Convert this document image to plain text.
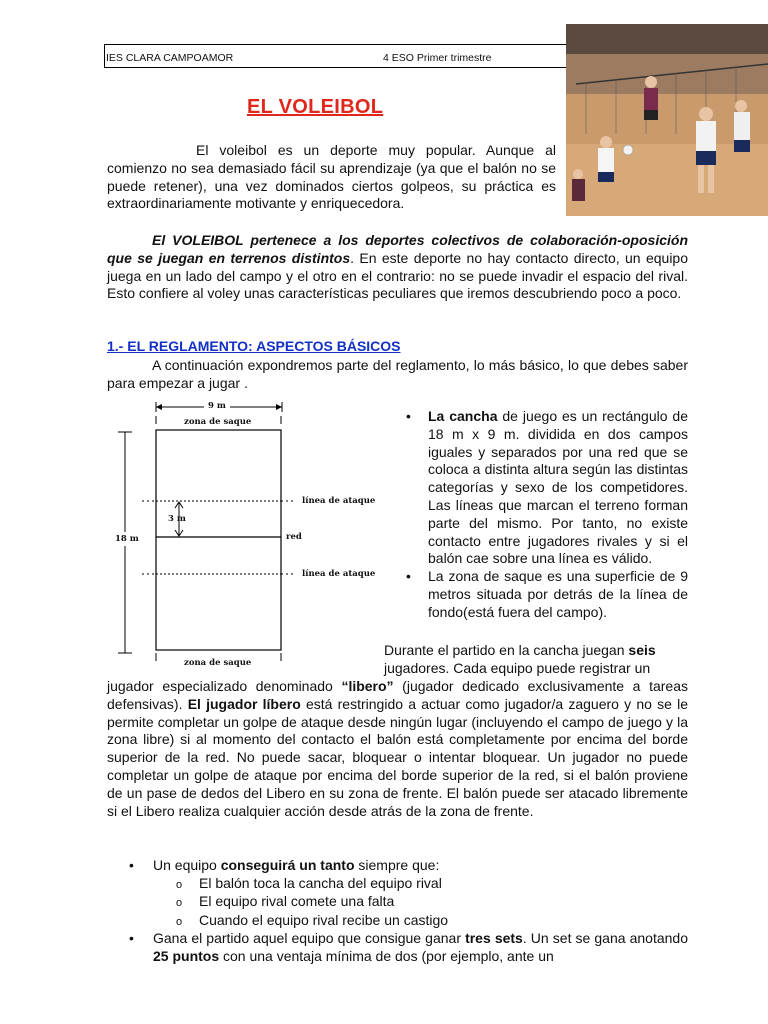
IES CLARA CAMPOAMOR	4 ESO Primer trimestre
EL VOLEIBOL
El voleibol es un deporte muy popular. Aunque al comienzo no sea demasiado fácil su aprendizaje (ya que el balón no se puede retener), una vez dominados ciertos golpeos, su práctica es extraordinariamente motivante y enriquecedora.
El VOLEIBOL pertenece a los deportes colectivos de colaboración-oposición que se juegan en terrenos distintos. En este deporte no hay contacto directo, un equipo juega en un lado del campo y el otro en el contrario: no se puede invadir el espacio del rival. Esto confiere al voley unas características peculiares que iremos descubriendo poco a poco.
1.- EL REGLAMENTO: ASPECTOS BÁSICOS
A continuación expondremos parte del reglamento, lo más básico, lo que debes saber para empezar a jugar .
9 m
zona de saque
línea de ataque
3 m
red
18 m
línea de ataque
zona de saque
• La cancha de juego es un rectángulo de 18 m x 9 m. dividida en dos campos iguales y separados por una red que se coloca a distinta altura según las distintas categorías y sexo de los competidores. Las líneas que marcan el terreno forman parte del mismo. Por tanto, no existe contacto entre jugadores rivales y si el balón cae sobre una línea es válido.
• La zona de saque es una superficie de 9 metros situada por detrás de la línea de fondo(está fuera del campo).
Durante el partido en la cancha juegan seis

jugadores. Cada equipo puede registrar un
jugador especializado denominado “libero” (jugador dedicado exclusivamente a tareas defensivas). El jugador líbero está restringido a actuar como jugador/a zaguero y no se le permite completar un golpe de ataque desde ningún lugar (incluyendo el campo de juego y la zona libre) si al momento del contacto el balón está completamente por encima del borde superior de la red. No puede sacar, bloquear o intentar bloquear. Un jugador no puede completar un golpe de ataque por encima del borde superior de la red, si el balón proviene de un pase de dedos del Libero en su zona de frente. El balón puede ser atacado libremente si el Libero realiza cualquier acción desde atrás de la zona de frente.
• Un equipo conseguirá un tanto siempre que:
o El balón toca la cancha del equipo rival
o El equipo rival comete una falta
o Cuando el equipo rival recibe un castigo
• Gana el partido aquel equipo que consigue ganar tres sets. Un set se gana anotando 25 puntos con una ventaja mínima de dos (por ejemplo, ante un
